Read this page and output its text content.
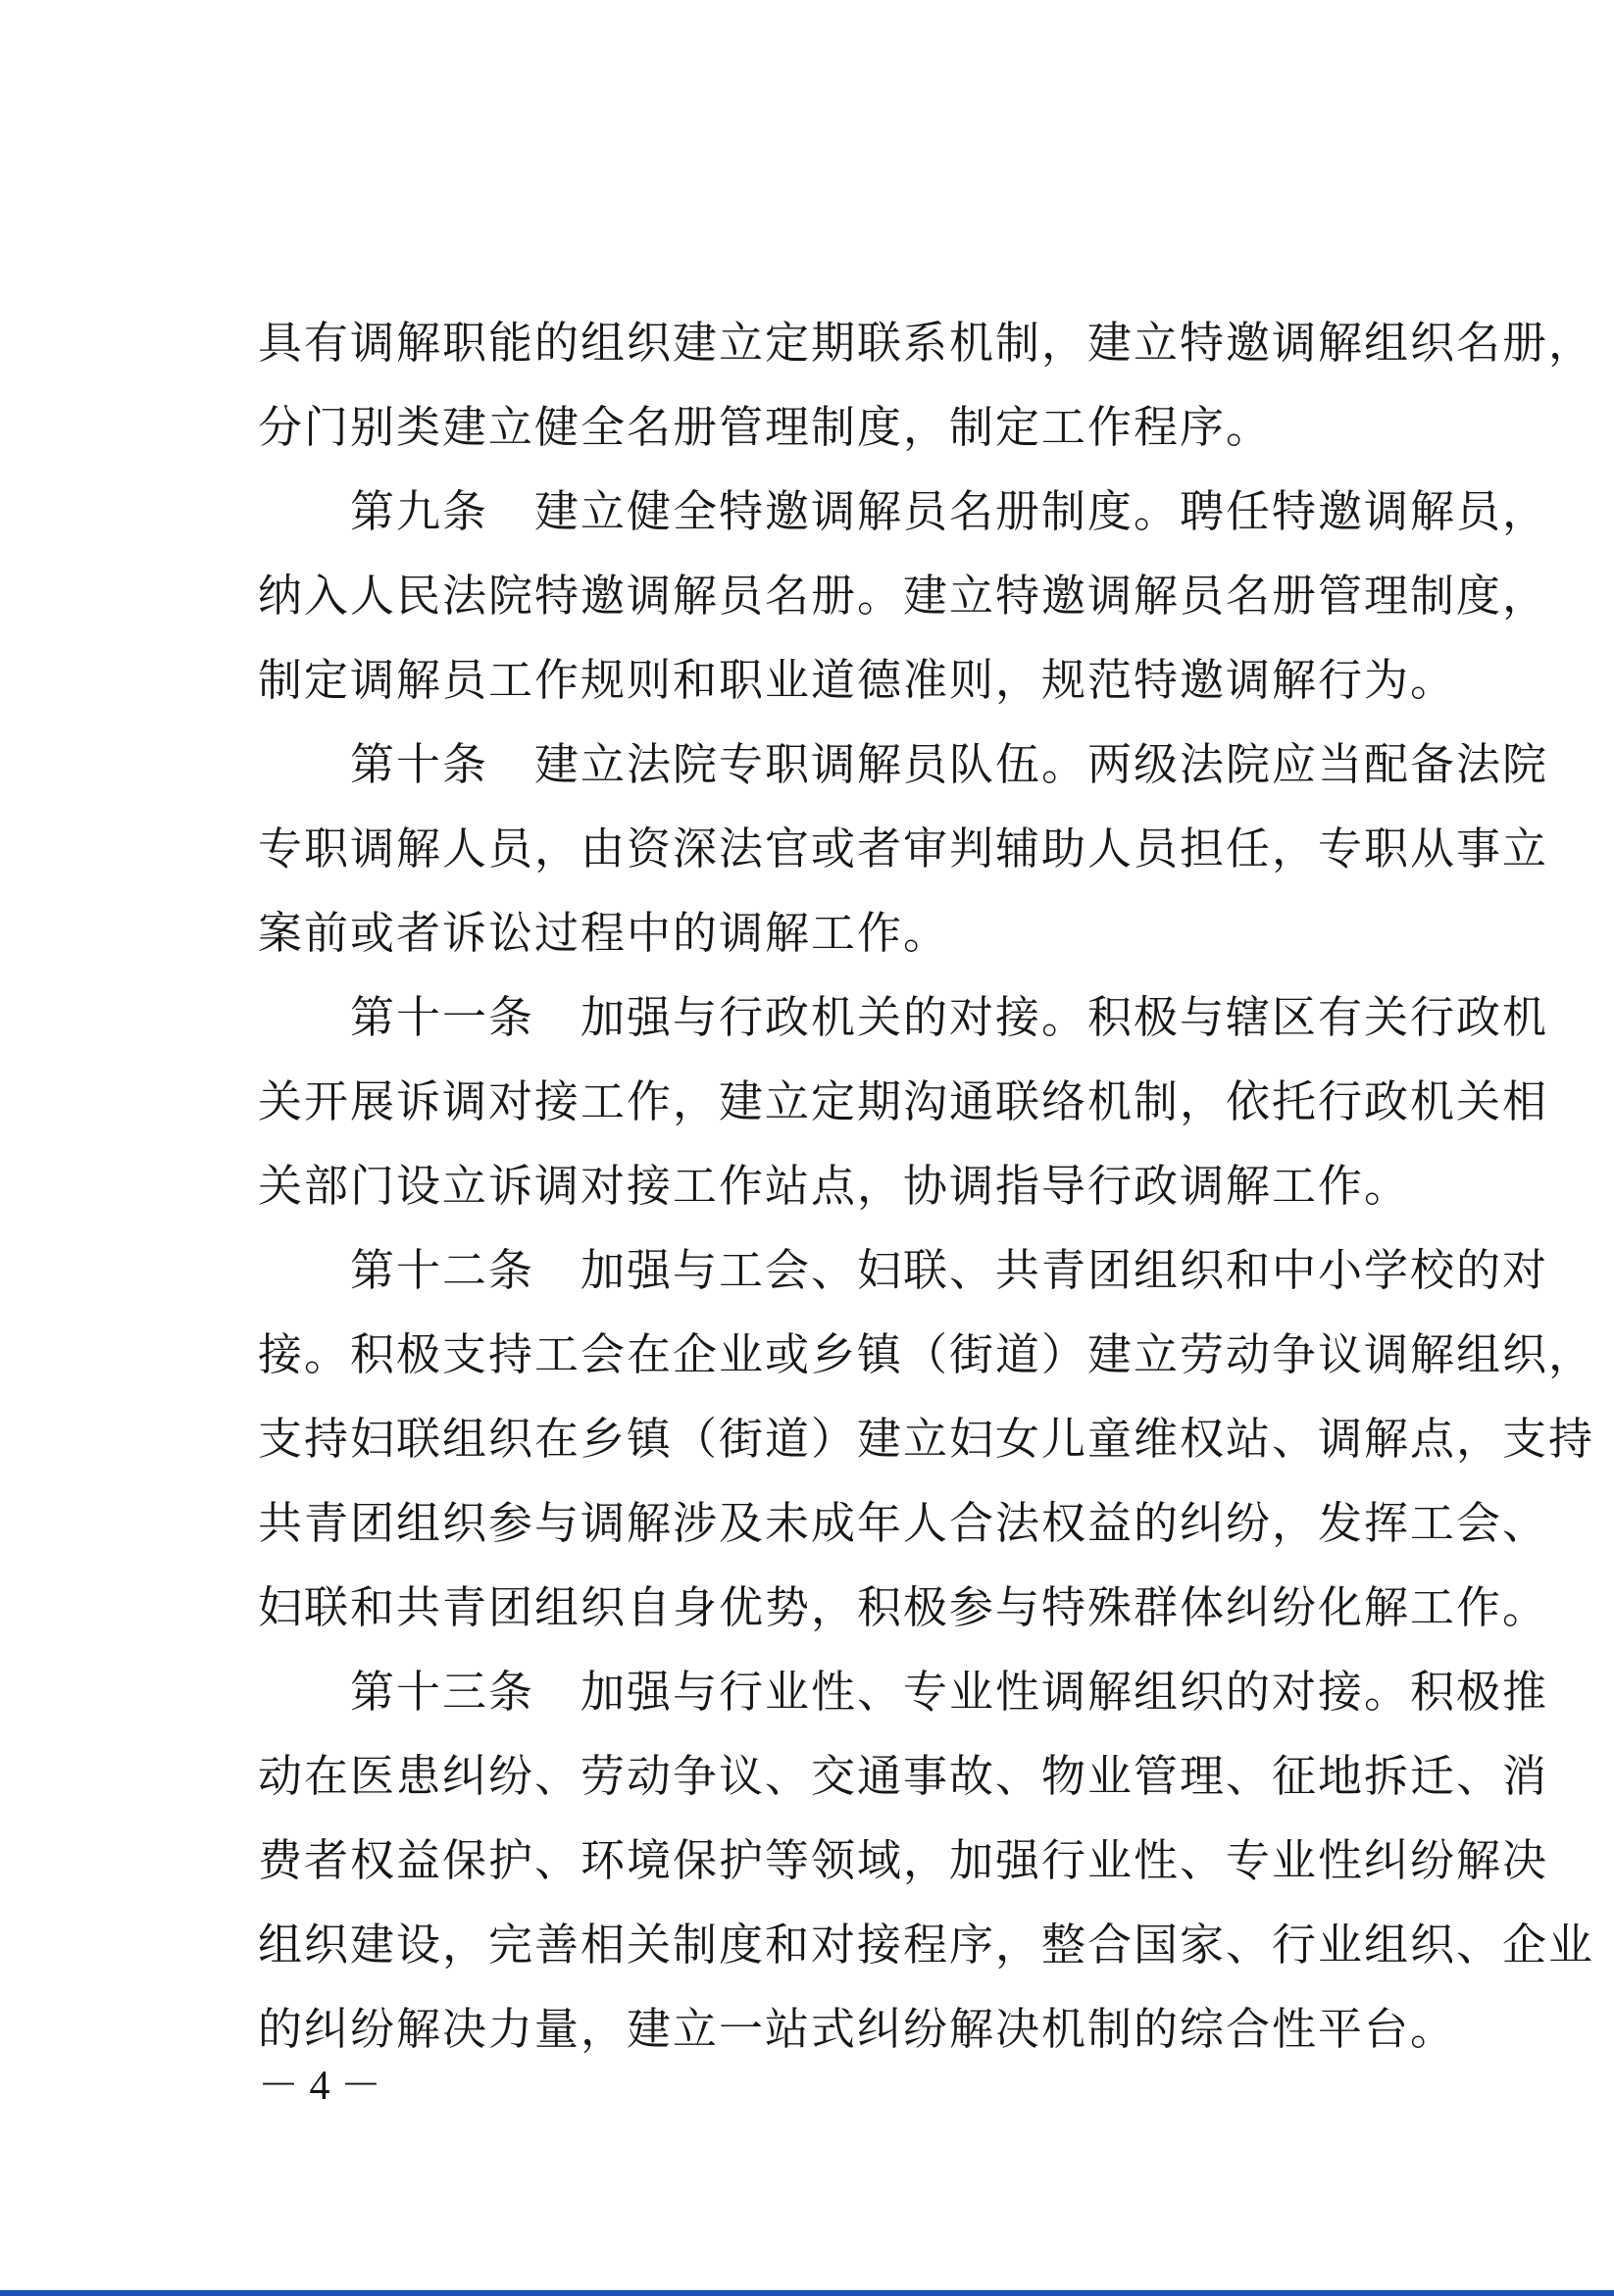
具有调解职能的组织建立定期联系机制，建立特邀调解组织名册，
分门别类建立健全名册管理制度，制定工作程序。
　　第九条　建立健全特邀调解员名册制度。聘任特邀调解员，
纳入人民法院特邀调解员名册。建立特邀调解员名册管理制度，
制定调解员工作规则和职业道德准则，规范特邀调解行为。
　　第十条　建立法院专职调解员队伍。两级法院应当配备法院
专职调解人员，由资深法官或者审判辅助人员担任，专职从事立
案前或者诉讼过程中的调解工作。
　　第十一条　加强与行政机关的对接。积极与辖区有关行政机
关开展诉调对接工作，建立定期沟通联络机制，依托行政机关相
关部门设立诉调对接工作站点，协调指导行政调解工作。
　　第十二条　加强与工会、妇联、共青团组织和中小学校的对
接。积极支持工会在企业或乡镇（街道）建立劳动争议调解组织，
支持妇联组织在乡镇（街道）建立妇女儿童维权站、调解点，支持
共青团组织参与调解涉及未成年人合法权益的纠纷，发挥工会、
妇联和共青团组织自身优势，积极参与特殊群体纠纷化解工作。
　　第十三条　加强与行业性、专业性调解组织的对接。积极推
动在医患纠纷、劳动争议、交通事故、物业管理、征地拆迁、消
费者权益保护、环境保护等领域，加强行业性、专业性纠纷解决
组织建设，完善相关制度和对接程序，整合国家、行业组织、企业
的纠纷解决力量，建立一站式纠纷解决机制的综合性平台。
－ 4 －
